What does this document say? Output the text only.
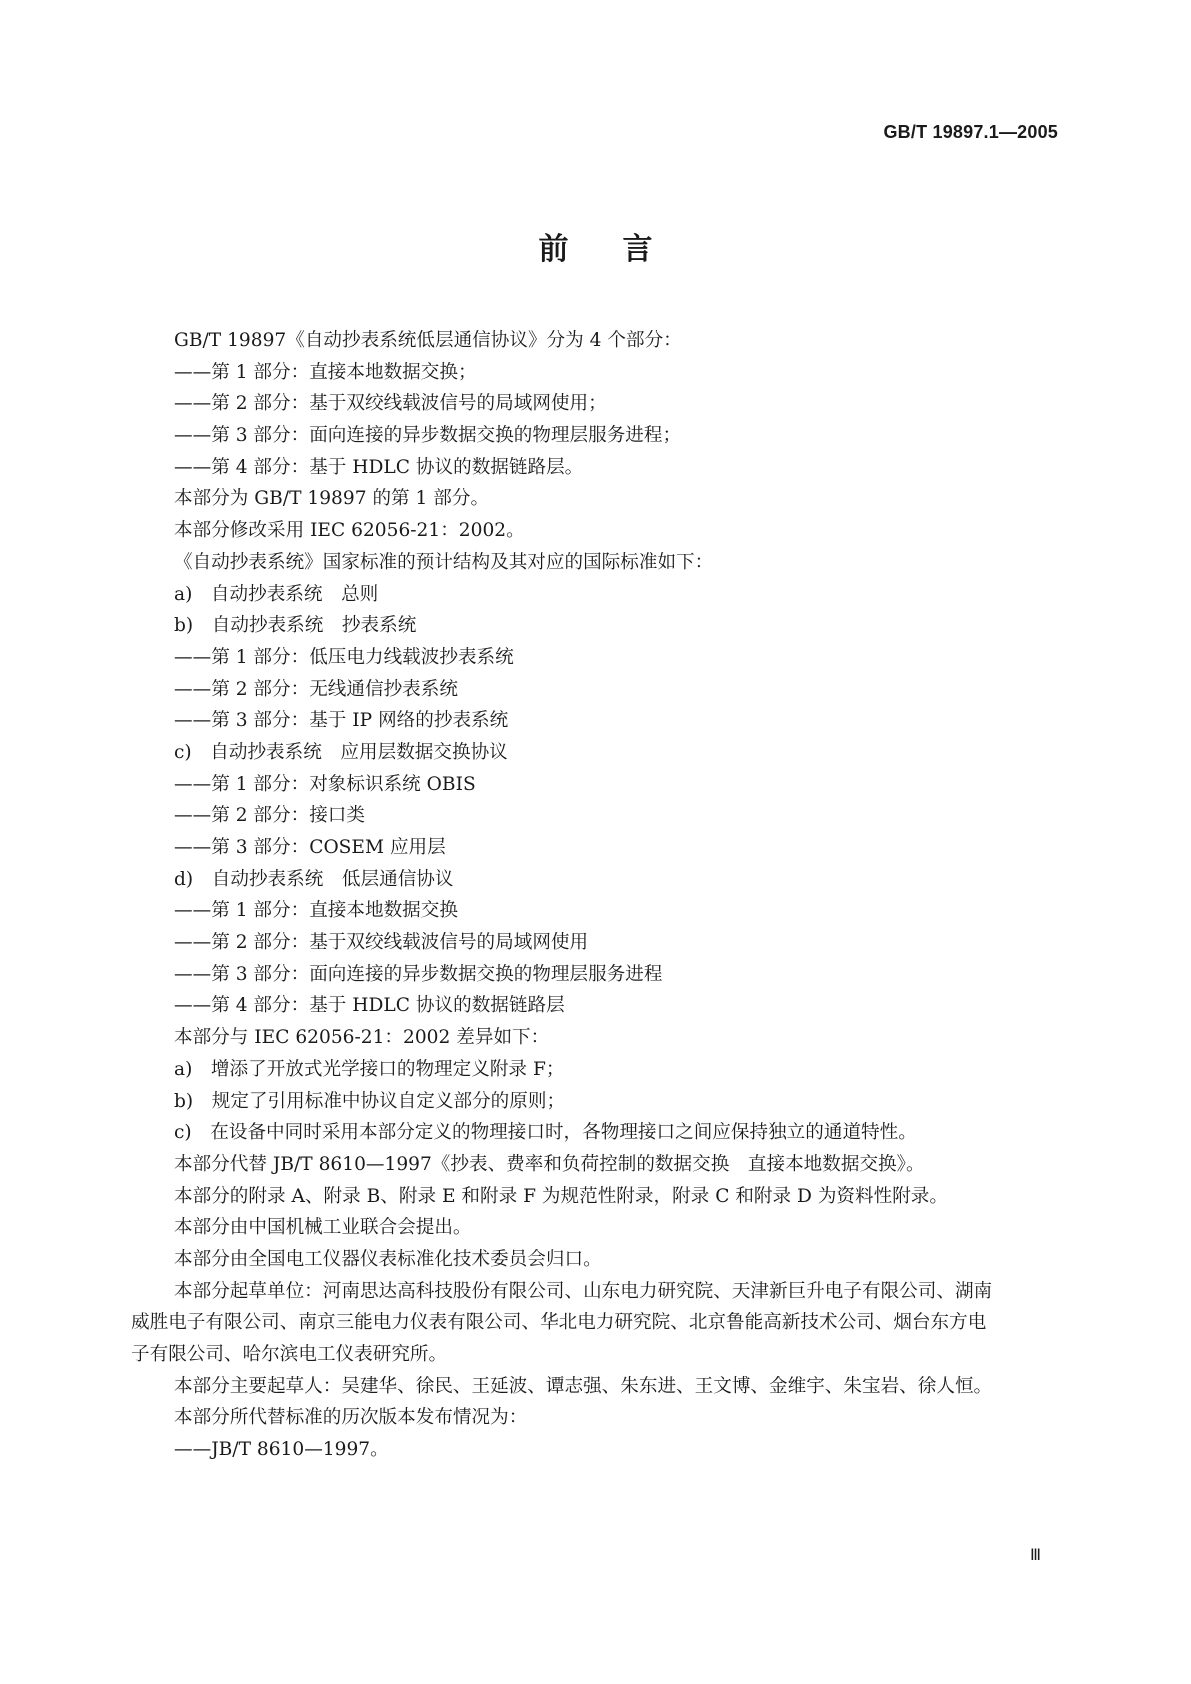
GB/T 19897.1—2005
前 言
GB/T 19897《自动抄表系统低层通信协议》分为 4 个部分：
——第 1 部分：直接本地数据交换；
——第 2 部分：基于双绞线载波信号的局域网使用；
——第 3 部分：面向连接的异步数据交换的物理层服务进程；
——第 4 部分：基于 HDLC 协议的数据链路层。
本部分为 GB/T 19897 的第 1 部分。
本部分修改采用 IEC 62056-21：2002。
《自动抄表系统》国家标准的预计结构及其对应的国际标准如下：
a)　自动抄表系统　总则
b)　自动抄表系统　抄表系统
——第 1 部分：低压电力线载波抄表系统
——第 2 部分：无线通信抄表系统
——第 3 部分：基于 IP 网络的抄表系统
c)　自动抄表系统　应用层数据交换协议
——第 1 部分：对象标识系统 OBIS
——第 2 部分：接口类
——第 3 部分：COSEM 应用层
d)　自动抄表系统　低层通信协议
——第 1 部分：直接本地数据交换
——第 2 部分：基于双绞线载波信号的局域网使用
——第 3 部分：面向连接的异步数据交换的物理层服务进程
——第 4 部分：基于 HDLC 协议的数据链路层
本部分与 IEC 62056-21：2002 差异如下：
a)　增添了开放式光学接口的物理定义附录 F；
b)　规定了引用标准中协议自定义部分的原则；
c)　在设备中同时采用本部分定义的物理接口时，各物理接口之间应保持独立的通道特性。
本部分代替 JB/T 8610—1997《抄表、费率和负荷控制的数据交换　直接本地数据交换》。
本部分的附录 A、附录 B、附录 E 和附录 F 为规范性附录，附录 C 和附录 D 为资料性附录。
本部分由中国机械工业联合会提出。
本部分由全国电工仪器仪表标准化技术委员会归口。
本部分起草单位：河南思达高科技股份有限公司、山东电力研究院、天津新巨升电子有限公司、湖南
威胜电子有限公司、南京三能电力仪表有限公司、华北电力研究院、北京鲁能高新技术公司、烟台东方电
子有限公司、哈尔滨电工仪表研究所。
本部分主要起草人：吴建华、徐民、王延波、谭志强、朱东进、王文博、金维宇、朱宝岩、徐人恒。
本部分所代替标准的历次版本发布情况为：
——JB/T 8610—1997。
Ⅲ
